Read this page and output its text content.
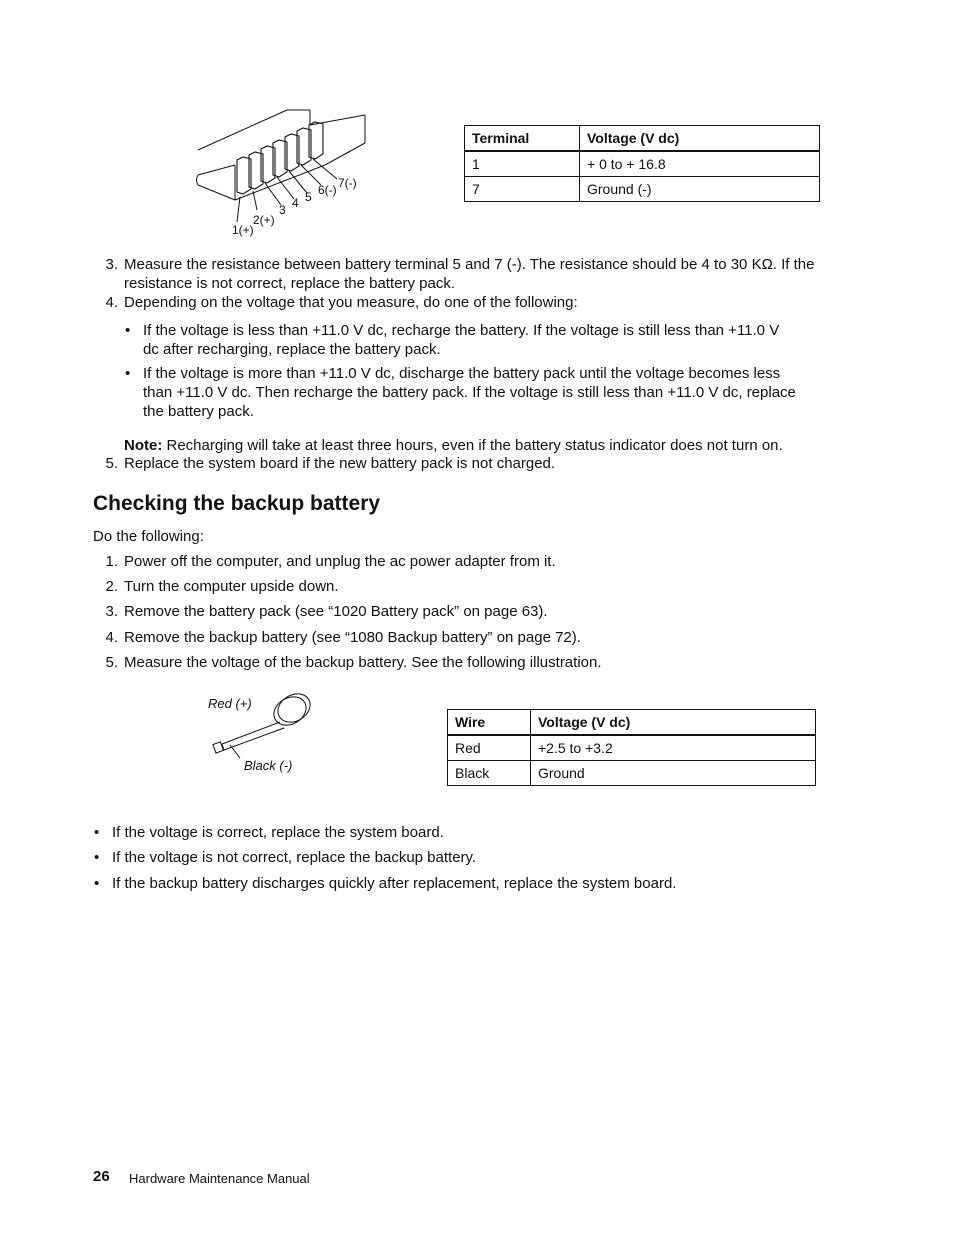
1(+)
2(+)
3 4 5 6(-) 7(-)
Terminal	Voltage (V dc)
1	+ 0 to + 16.8
7	Ground (-)
3. Measure the resistance between battery terminal 5 and 7 (-). The resistance should be 4 to 30 KΩ. If the
resistance is not correct, replace the battery pack.
4. Depending on the voltage that you measure, do one of the following:
• If the voltage is less than +11.0 V dc, recharge the battery. If the voltage is still less than +11.0 V
dc after recharging, replace the battery pack.
• If the voltage is more than +11.0 V dc, discharge the battery pack until the voltage becomes less
than +11.0 V dc. Then recharge the battery pack. If the voltage is still less than +11.0 V dc, replace
the battery pack.
Note: Recharging will take at least three hours, even if the battery status indicator does not turn on.
5. Replace the system board if the new battery pack is not charged.
Checking the backup battery
Do the following:
1. Power off the computer, and unplug the ac power adapter from it.
2. Turn the computer upside down.
3. Remove the battery pack (see “1020 Battery pack” on page 63).
4. Remove the backup battery (see “1080 Backup battery” on page 72).
5. Measure the voltage of the backup battery. See the following illustration.
Red (+)
Black (-)
Wire	Voltage (V dc)
Red	+2.5 to +3.2
Black	Ground
• If the voltage is correct, replace the system board.
• If the voltage is not correct, replace the backup battery.
• If the backup battery discharges quickly after replacement, replace the system board.
26 Hardware Maintenance Manual
